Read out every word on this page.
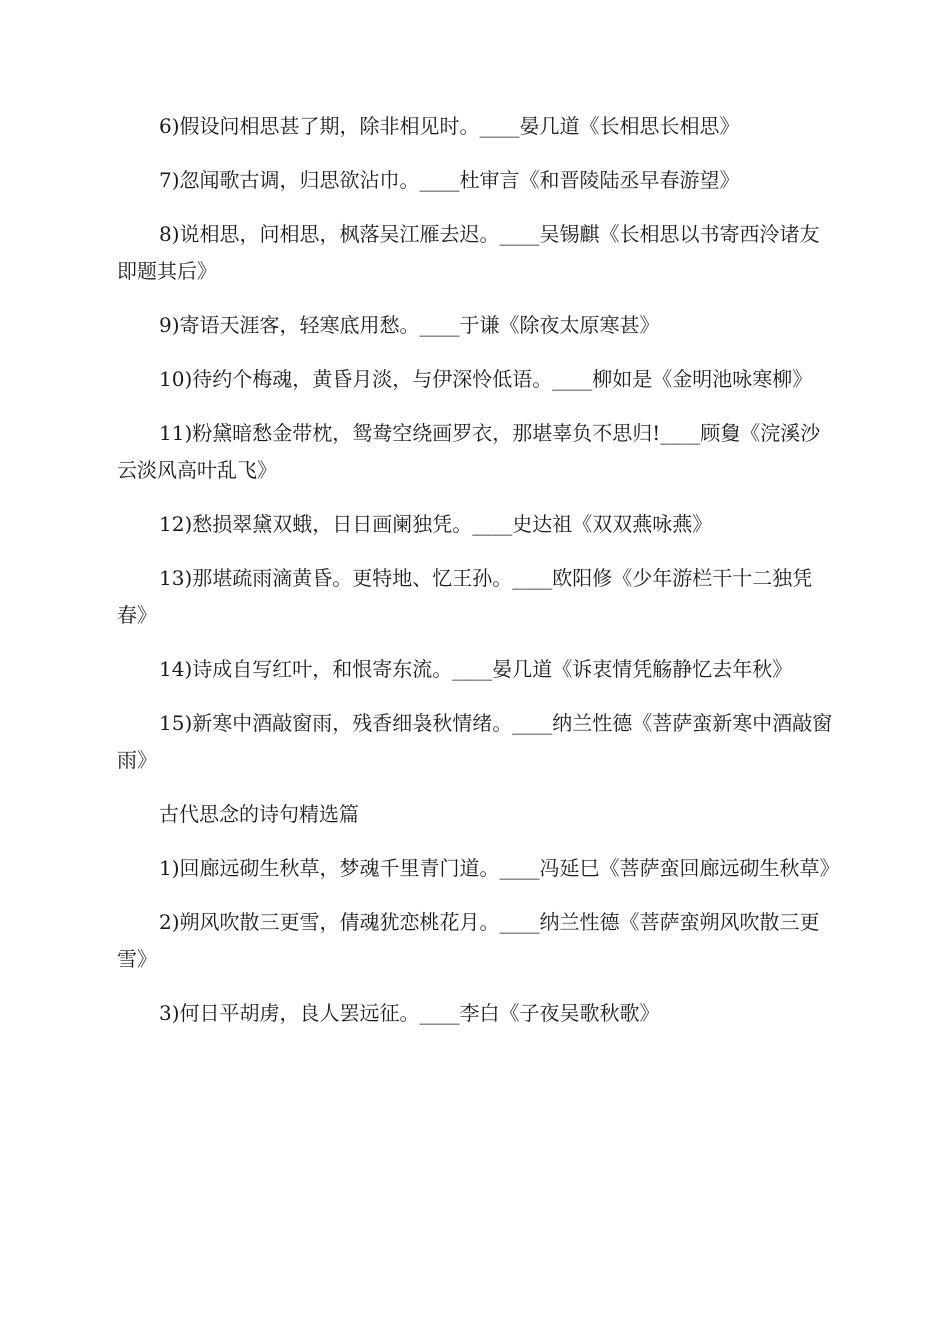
6)假设问相思甚了期，除非相见时。____晏几道《长相思长相思》

7)忽闻歌古调，归思欲沾巾。____杜审言《和晋陵陆丞早春游望》

8)说相思，问相思，枫落吴江雁去迟。____吴锡麒《长相思以书寄西泠诸友即题其后》

9)寄语天涯客，轻寒底用愁。____于谦《除夜太原寒甚》

10)待约个梅魂，黄昏月淡，与伊深怜低语。____柳如是《金明池咏寒柳》

11)粉黛暗愁金带枕，鸳鸯空绕画罗衣，那堪辜负不思归!____顾敻《浣溪沙云淡风高叶乱飞》

12)愁损翠黛双蛾，日日画阑独凭。____史达祖《双双燕咏燕》

13)那堪疏雨滴黄昏。更特地、忆王孙。____欧阳修《少年游栏干十二独凭春》

14)诗成自写红叶，和恨寄东流。____晏几道《诉衷情凭觞静忆去年秋》

15)新寒中酒敲窗雨，残香细袅秋情绪。____纳兰性德《菩萨蛮新寒中酒敲窗雨》

古代思念的诗句精选篇

1)回廊远砌生秋草，梦魂千里青门道。____冯延巳《菩萨蛮回廊远砌生秋草》

2)朔风吹散三更雪，倩魂犹恋桃花月。____纳兰性德《菩萨蛮朔风吹散三更雪》

3)何日平胡虏，良人罢远征。____李白《子夜吴歌秋歌》
